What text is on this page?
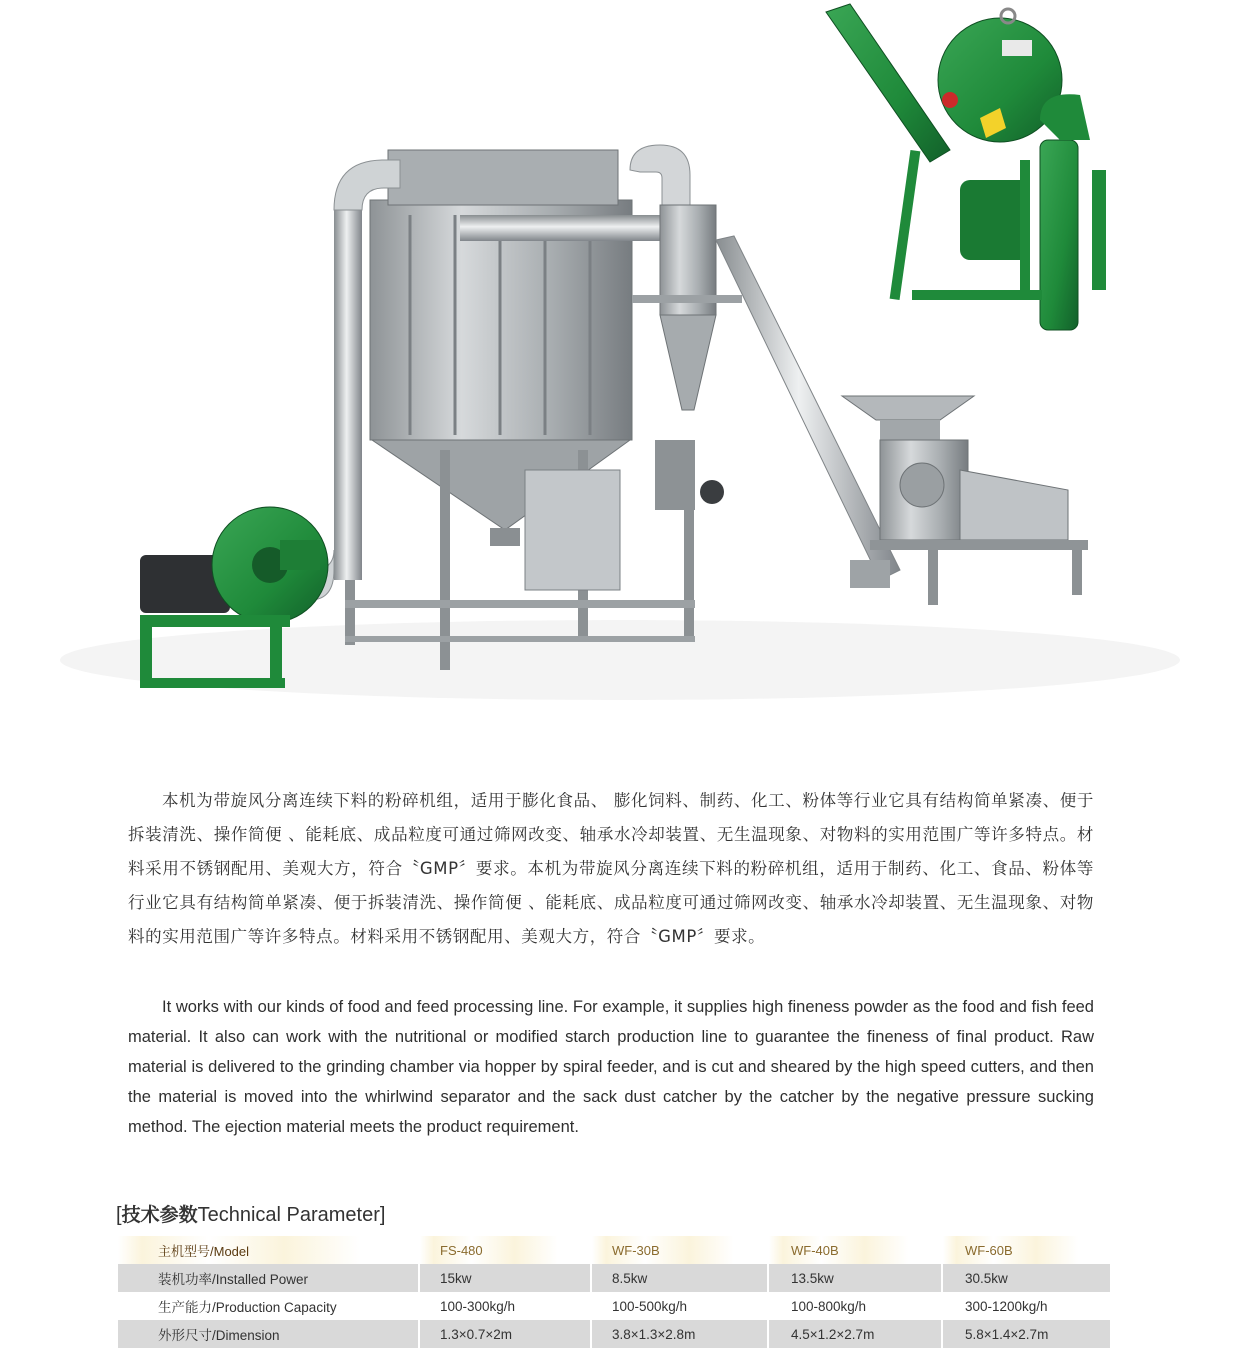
本机为带旋风分离连续下料的粉碎机组，适用于膨化食品、 膨化饲料、制药、化工、粉体等行业它具有结构简单紧凑、便于拆装清洗、操作简便 、能耗底、成品粒度可通过筛网改变、轴承水冷却装置、无生温现象、对物料的实用范围广等许多特点。材料采用不锈钢配用、美观大方，符合〝GMP〞要求。本机为带旋风分离连续下料的粉碎机组，适用于制药、化工、食品、粉体等行业它具有结构简单紧凑、便于拆装清洗、操作简便 、能耗底、成品粒度可通过筛网改变、轴承水冷却装置、无生温现象、对物料的实用范围广等许多特点。材料采用不锈钢配用、美观大方，符合〝GMP〞要求。
It works with our kinds of food and feed processing line. For example, it supplies high fineness powder as the food and fish feed material. It also can work with the nutritional or modified starch production line to guarantee the fineness of final product. Raw material is delivered to the grinding chamber via hopper by spiral feeder, and is cut and sheared by the high speed cutters, and then the material is moved into the whirlwind separator and the sack dust catcher by the catcher by the negative pressure sucking method. The ejection material meets the product requirement.
[技术参数Technical Parameter]
主机型号/Model	FS-480	WF-30B	WF-40B	WF-60B
装机功率/Installed Power	15kw	8.5kw	13.5kw	30.5kw
生产能力/Production Capacity	100-300kg/h	100-500kg/h	100-800kg/h	300-1200kg/h
外形尺寸/Dimension	1.3×0.7×2m	3.8×1.3×2.8m	4.5×1.2×2.7m	5.8×1.4×2.7m
